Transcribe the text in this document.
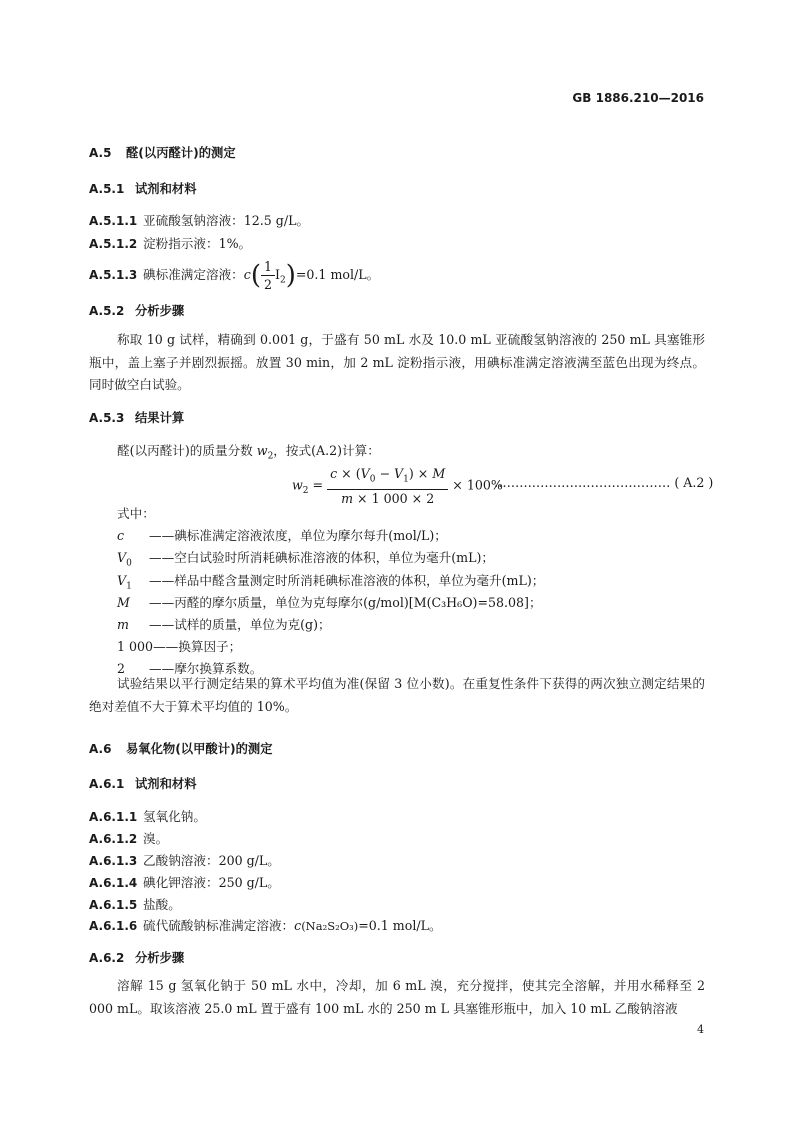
GB 1886.210—2016
A.5 醛(以丙醛计)的测定
A.5.1 试剂和材料
A.5.1.1 亚硫酸氢钠溶液：12.5 g/L。
A.5.1.2 淀粉指示液：1%。
A.5.1.3 碘标准满定溶液：$c( \frac{1}{2} I_2)=0.1$ mol/L。
A.5.2 分析步骤
称取 10 g 试样，精确到 0.001 g，于盛有 50 mL 水及 10.0 mL 亚硫酸氢钠溶液的 250 mL 具塞锥形瓶中，盖上塞子并剧烈振摇。放置 30 min，加 2 mL 淀粉指示液，用碘标准满定溶液满至蓝色出现为终点。同时做空白试验。
A.5.3 结果计算
醛(以丙醛计)的质量分数 $w_2$，按式(A.2)计算：
$w_2 = \frac{c \times (V_0 - V_1) \times M}{m \times 1 000 \times 2} \times 100\%$
…………………………………… ( A.2 )
式中：
c ——碘标准满定溶液浓度，单位为摩尔每升(mol/L)；
$V_0$ ——空白试验时所消耗碘标准溶液的体积，单位为毫升(mL)；
$V_1$ ——样品中醛含量测定时所消耗碘标准溶液的体积，单位为毫升(mL)；
M ——丙醛的摩尔质量，单位为克每摩尔(g/mol)[M(C₃H₆O)=58.08]；
m ——试样的质量，单位为克(g)；
1 000——换算因子；
2 ——摩尔换算系数。
试验结果以平行测定结果的算术平均值为准(保留 3 位小数)。在重复性条件下获得的两次独立测定结果的绝对差值不大于算术平均值的 10%。
A.6 易氧化物(以甲酸计)的测定
A.6.1 试剂和材料
A.6.1.1 氢氧化钠。
A.6.1.2 溴。
A.6.1.3 乙酸钠溶液：200 g/L。
A.6.1.4 碘化钾溶液：250 g/L。
A.6.1.5 盐酸。
A.6.1.6 硫代硫酸钠标准满定溶液：c(Na₂S₂O₃)=0.1 mol/L。
A.6.2 分析步骤
溶解 15 g 氢氧化钠于 50 mL 水中，冷却，加 6 mL 溴，充分搅拌，使其完全溶解，并用水稀释至 2 000 mL。取该溶液 25.0 mL 置于盛有 100 mL 水的 250 m L 具塞锥形瓶中，加入 10 mL 乙酸钠溶液
4
